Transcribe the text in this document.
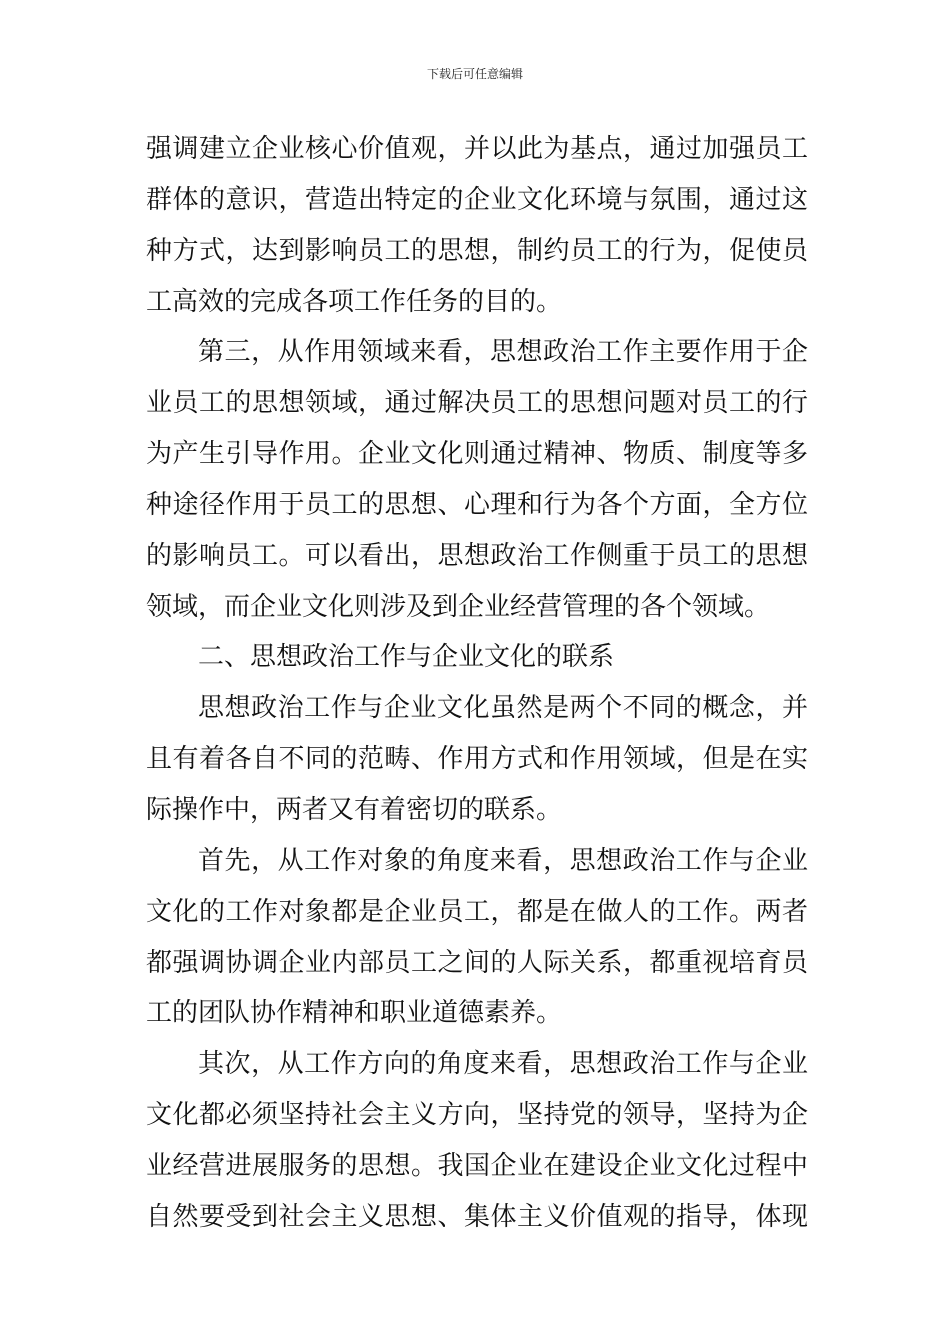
下载后可任意编辑
强调建立企业核心价值观，并以此为基点，通过加强员工
群体的意识，营造出特定的企业文化环境与氛围，通过这
种方式，达到影响员工的思想，制约员工的行为，促使员
工高效的完成各项工作任务的目的。
第三，从作用领域来看，思想政治工作主要作用于企
业员工的思想领域，通过解决员工的思想问题对员工的行
为产生引导作用。企业文化则通过精神、物质、制度等多
种途径作用于员工的思想、心理和行为各个方面，全方位
的影响员工。可以看出，思想政治工作侧重于员工的思想
领域，而企业文化则涉及到企业经营管理的各个领域。
二、思想政治工作与企业文化的联系
思想政治工作与企业文化虽然是两个不同的概念，并
且有着各自不同的范畴、作用方式和作用领域，但是在实
际操作中，两者又有着密切的联系。
首先，从工作对象的角度来看，思想政治工作与企业
文化的工作对象都是企业员工，都是在做人的工作。两者
都强调协调企业内部员工之间的人际关系，都重视培育员
工的团队协作精神和职业道德素养。
其次，从工作方向的角度来看，思想政治工作与企业
文化都必须坚持社会主义方向，坚持党的领导，坚持为企
业经营进展服务的思想。我国企业在建设企业文化过程中
自然要受到社会主义思想、集体主义价值观的指导，体现
